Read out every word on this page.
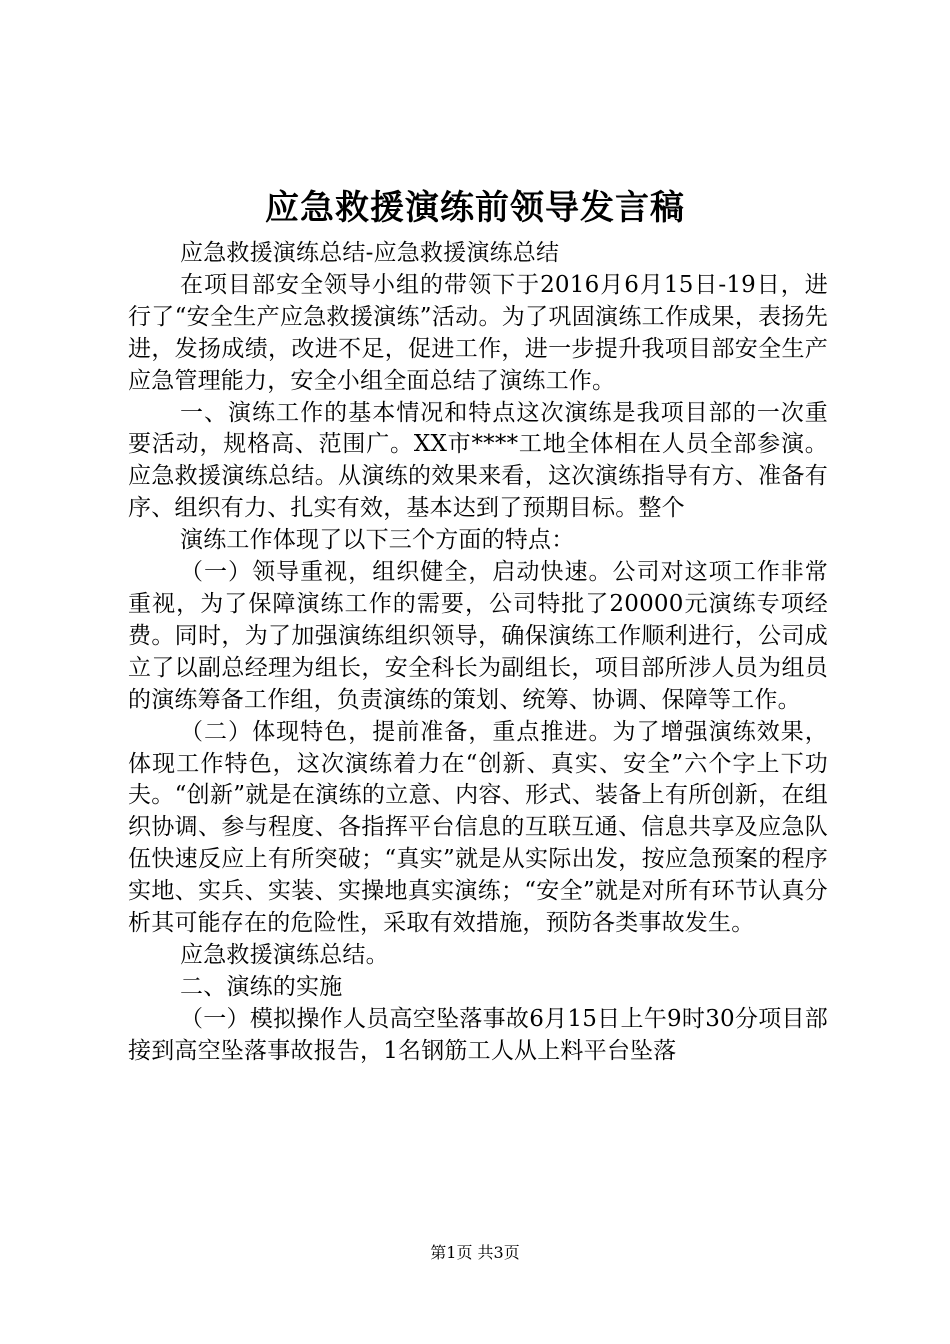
应急救援演练前领导发言稿

应急救援演练总结-应急救援演练总结

在项目部安全领导小组的带领下于2016月6月15日-19日，进行了“安全生产应急救援演练”活动。为了巩固演练工作成果，表扬先进，发扬成绩，改进不足，促进工作，进一步提升我项目部安全生产应急管理能力，安全小组全面总结了演练工作。

一、演练工作的基本情况和特点这次演练是我项目部的一次重要活动，规格高、范围广。XX市****工地全体相在人员全部参演。应急救援演练总结。从演练的效果来看，这次演练指导有方、准备有序、组织有力、扎实有效，基本达到了预期目标。整个

演练工作体现了以下三个方面的特点：

（一）领导重视，组织健全，启动快速。公司对这项工作非常重视，为了保障演练工作的需要，公司特批了20000元演练专项经费。同时，为了加强演练组织领导，确保演练工作顺利进行，公司成立了以副总经理为组长，安全科长为副组长，项目部所涉人员为组员的演练筹备工作组，负责演练的策划、统筹、协调、保障等工作。

（二）体现特色，提前准备，重点推进。为了增强演练效果，体现工作特色，这次演练着力在“创新、真实、安全”六个字上下功夫。“创新”就是在演练的立意、内容、形式、装备上有所创新，在组织协调、参与程度、各指挥平台信息的互联互通、信息共享及应急队伍快速反应上有所突破；“真实”就是从实际出发，按应急预案的程序实地、实兵、实装、实操地真实演练；“安全”就是对所有环节认真分析其可能存在的危险性，采取有效措施，预防各类事故发生。

应急救援演练总结。

二、演练的实施

（一）模拟操作人员高空坠落事故6月15日上午9时30分项目部接到高空坠落事故报告，1名钢筋工人从上料平台坠落

第1页 共3页
